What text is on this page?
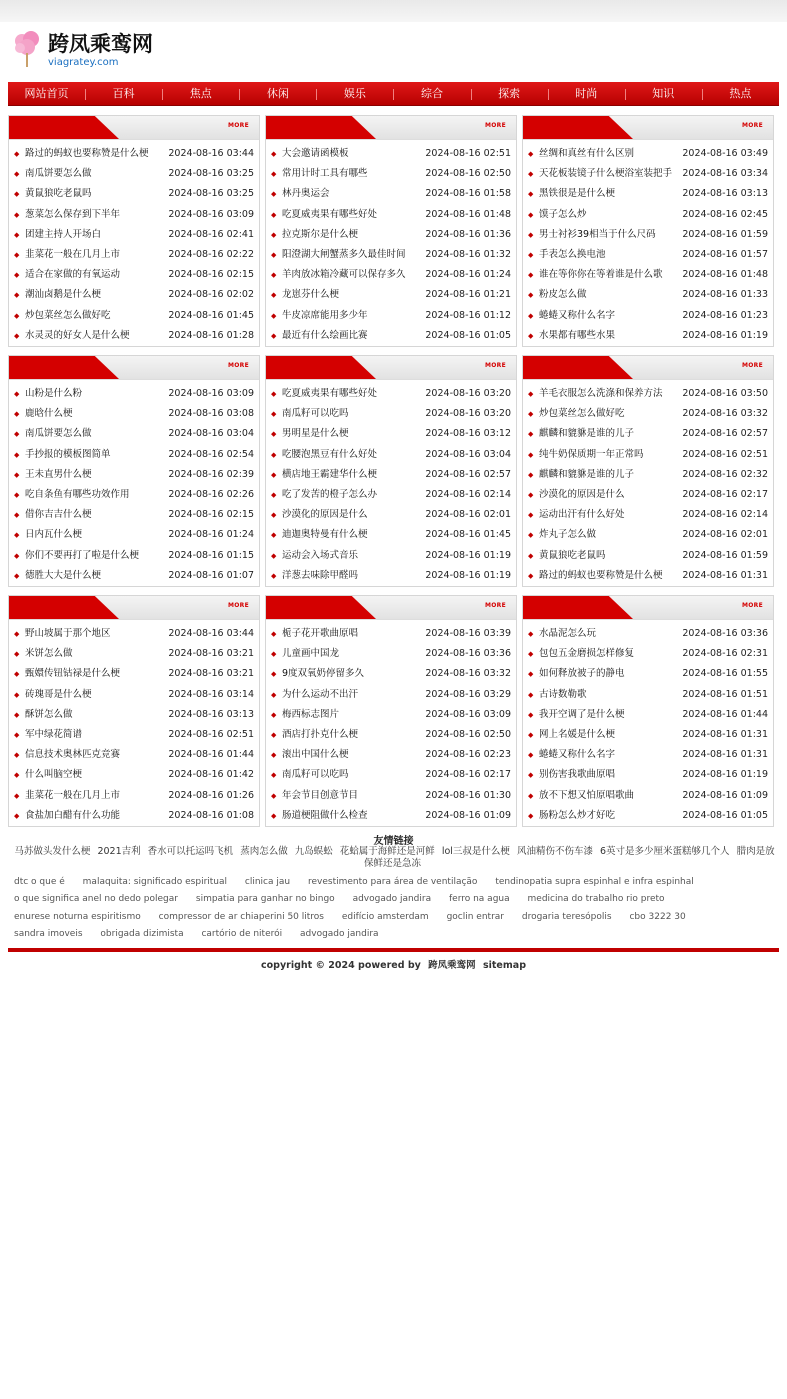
跨凤乘鸾网
viagratey.com
网站首页	百科	焦点	休闲	娱乐	综合	探索	时尚	知识	热点
百科	MORE
◆ 路过的蚂蚁也要称赞是什么梗 2024-08-16 03:44
◆ 南瓜饼要怎么做	2024-08-16 03:25
◆ 黄鼠狼吃老鼠吗	2024-08-16 03:25
◆ 葱菜怎么保存到下半年	2024-08-16 03:09
◆ 团建主持人开场白	2024-08-16 02:41
◆ 韭菜花一般在几月上市	2024-08-16 02:22
◆ 适合在家做的有氧运动	2024-08-16 02:15
◆ 潮汕卤鹅是什么梗	2024-08-16 02:02
◆ 炒包菜丝怎么做好吃	2024-08-16 01:45
◆ 水灵灵的好女人是什么梗	2024-08-16 01:28
焦点	MORE
◆ 大会邀请函模板	2024-08-16 02:51
◆ 常用计时工具有哪些	2024-08-16 02:50
◆ 林丹奥运会	2024-08-16 01:58
◆ 吃夏威夷果有哪些好处	2024-08-16 01:48
◆ 拉克斯尔是什么梗	2024-08-16 01:36
◆ 阳澄湖大闸蟹蒸多久最佳时间 2024-08-16 01:32
◆ 羊肉放冰箱冷藏可以保存多久 2024-08-16 01:24
◆ 龙崽芬什么梗	2024-08-16 01:21
◆ 牛皮凉席能用多少年	2024-08-16 01:12
◆ 最近有什么绘画比赛	2024-08-16 01:05
休闲	MORE
◆ 丝绸和真丝有什么区别	2024-08-16 03:49
◆ 天花板装镜子什么梗浴室装把手 2024-08-16 03:34
◆ 黑铁很是是什么梗	2024-08-16 03:13
◆ 馍子怎么炒	2024-08-16 02:45
◆ 男士衬衫39相当于什么尺码	2024-08-16 01:59
◆ 手表怎么换电池	2024-08-16 01:57
◆ 谁在等你你在等着谁是什么歌 2024-08-16 01:48
◆ 粉皮怎么做	2024-08-16 01:33
◆ 蜷蜷又称什么名字	2024-08-16 01:23
◆ 水果都有哪些水果	2024-08-16 01:19
娱乐	MORE
◆ 山粉是什么粉	2024-08-16 03:09
◆ 鹿晗什么梗	2024-08-16 03:08
◆ 南瓜饼要怎么做	2024-08-16 03:04
◆ 手抄报的模板图简单	2024-08-16 02:54
◆ 王未直男什么梗	2024-08-16 02:39
◆ 吃自条鱼有哪些功效作用	2024-08-16 02:26
◆ 借你吉吉什么梗	2024-08-16 02:15
◆ 日内瓦什么梗	2024-08-16 01:24
◆ 你们不要再打了啦是什么梗	2024-08-16 01:15
◆ 德胜大大是什么梗	2024-08-16 01:07
综合	MORE
◆ 吃夏威夷果有哪些好处	2024-08-16 03:20
◆ 南瓜籽可以吃吗	2024-08-16 03:20
◆ 男明星是什么梗	2024-08-16 03:12
◆ 吃腰泡黑豆有什么好处	2024-08-16 03:04
◆ 横店地王霸建华什么梗	2024-08-16 02:57
◆ 吃了发苦的橙子怎么办	2024-08-16 02:14
◆ 沙漠化的原因是什么	2024-08-16 02:01
◆ 迪迦奥特曼有什么梗	2024-08-16 01:45
◆ 运动会入场式音乐	2024-08-16 01:19
◆ 洋葱去味除甲醛吗	2024-08-16 01:19
探索	MORE
◆ 羊毛衣服怎么洗涤和保养方法 2024-08-16 03:50
◆ 炒包菜丝怎么做好吃	2024-08-16 03:32
◆ 麒麟和貔貅是谁的儿子	2024-08-16 02:57
◆ 纯牛奶保质期一年正常吗	2024-08-16 02:51
◆ 麒麟和貔貅是谁的儿子	2024-08-16 02:32
◆ 沙漠化的原因是什么	2024-08-16 02:17
◆ 运动出汗有什么好处	2024-08-16 02:14
◆ 炸丸子怎么做	2024-08-16 02:01
◆ 黄鼠狼吃老鼠吗	2024-08-16 01:59
◆ 路过的蚂蚁也要称赞是什么梗 2024-08-16 01:31
时尚	MORE
◆ 野山坡属于那个地区	2024-08-16 03:44
◆ 米饼怎么做	2024-08-16 03:21
◆ 甄嬛传钮钴禄是什么梗	2024-08-16 03:21
◆ 砖瑰哥是什么梗	2024-08-16 03:14
◆ 酥饼怎么做	2024-08-16 03:13
◆ 军中绿花简谱	2024-08-16 02:51
◆ 信息技术奥林匹克竞赛	2024-08-16 01:44
◆ 什么叫脑空梗	2024-08-16 01:42
◆ 韭菜花一般在几月上市	2024-08-16 01:26
◆ 食盐加白醋有什么功能	2024-08-16 01:08
知识	MORE
◆ 栀子花开歌曲原唱	2024-08-16 03:39
◆ 儿童画中国龙	2024-08-16 03:36
◆ 9度双氧奶停留多久	2024-08-16 03:32
◆ 为什么运动不出汗	2024-08-16 03:29
◆ 梅西标志图片	2024-08-16 03:09
◆ 酒店打扑克什么梗	2024-08-16 02:50
◆ 滚出中国什么梗	2024-08-16 02:23
◆ 南瓜籽可以吃吗	2024-08-16 02:17
◆ 年会节目创意节目	2024-08-16 01:30
◆ 肠道梗阻做什么检查	2024-08-16 01:09
热点	MORE
◆ 水晶泥怎么玩	2024-08-16 03:36
◆ 包包五金磨损怎样修复	2024-08-16 02:31
◆ 如何释放被子的静电	2024-08-16 01:55
◆ 古诗数勒歌	2024-08-16 01:51
◆ 我开空调了是什么梗	2024-08-16 01:44
◆ 网上名媛是什么梗	2024-08-16 01:31
◆ 蜷蜷又称什么名字	2024-08-16 01:31
◆ 别伤害我歌曲原唱	2024-08-16 01:19
◆ 放不下想又怕原唱歌曲	2024-08-16 01:09
◆ 肠粉怎么炒才好吃	2024-08-16 01:05
友情链接
马苏做头发什么梗 2021吉利 香水可以托运吗飞机 蒸肉怎么做 九岛蜈蚣 花蛤属于海鲜还是河鲜 lol三叔是什么梗 风油精伤不伤车漆 6英寸是多少厘米蛋糕够几个人 腊肉是放保鲜还是急冻
dtc o que é malaquita: significado espiritual clinica jau revestimento para área de ventilação tendinopatia supra espinhal e infra espinhal o que significa anel no dedo polegar simpatia para ganhar no bingo advogado jandira ferro na agua medicina do trabalho rio preto enurese noturna espiritismo compressor de ar chiaperini 50 litros edifício amsterdam goclin entrar drogaria teresópolis cbo 3222 30 sandra imoveis obrigada dizimista cartório de niterói advogado jandira
copyright © 2024 powered by 跨凤乘鸾网 sitemap
